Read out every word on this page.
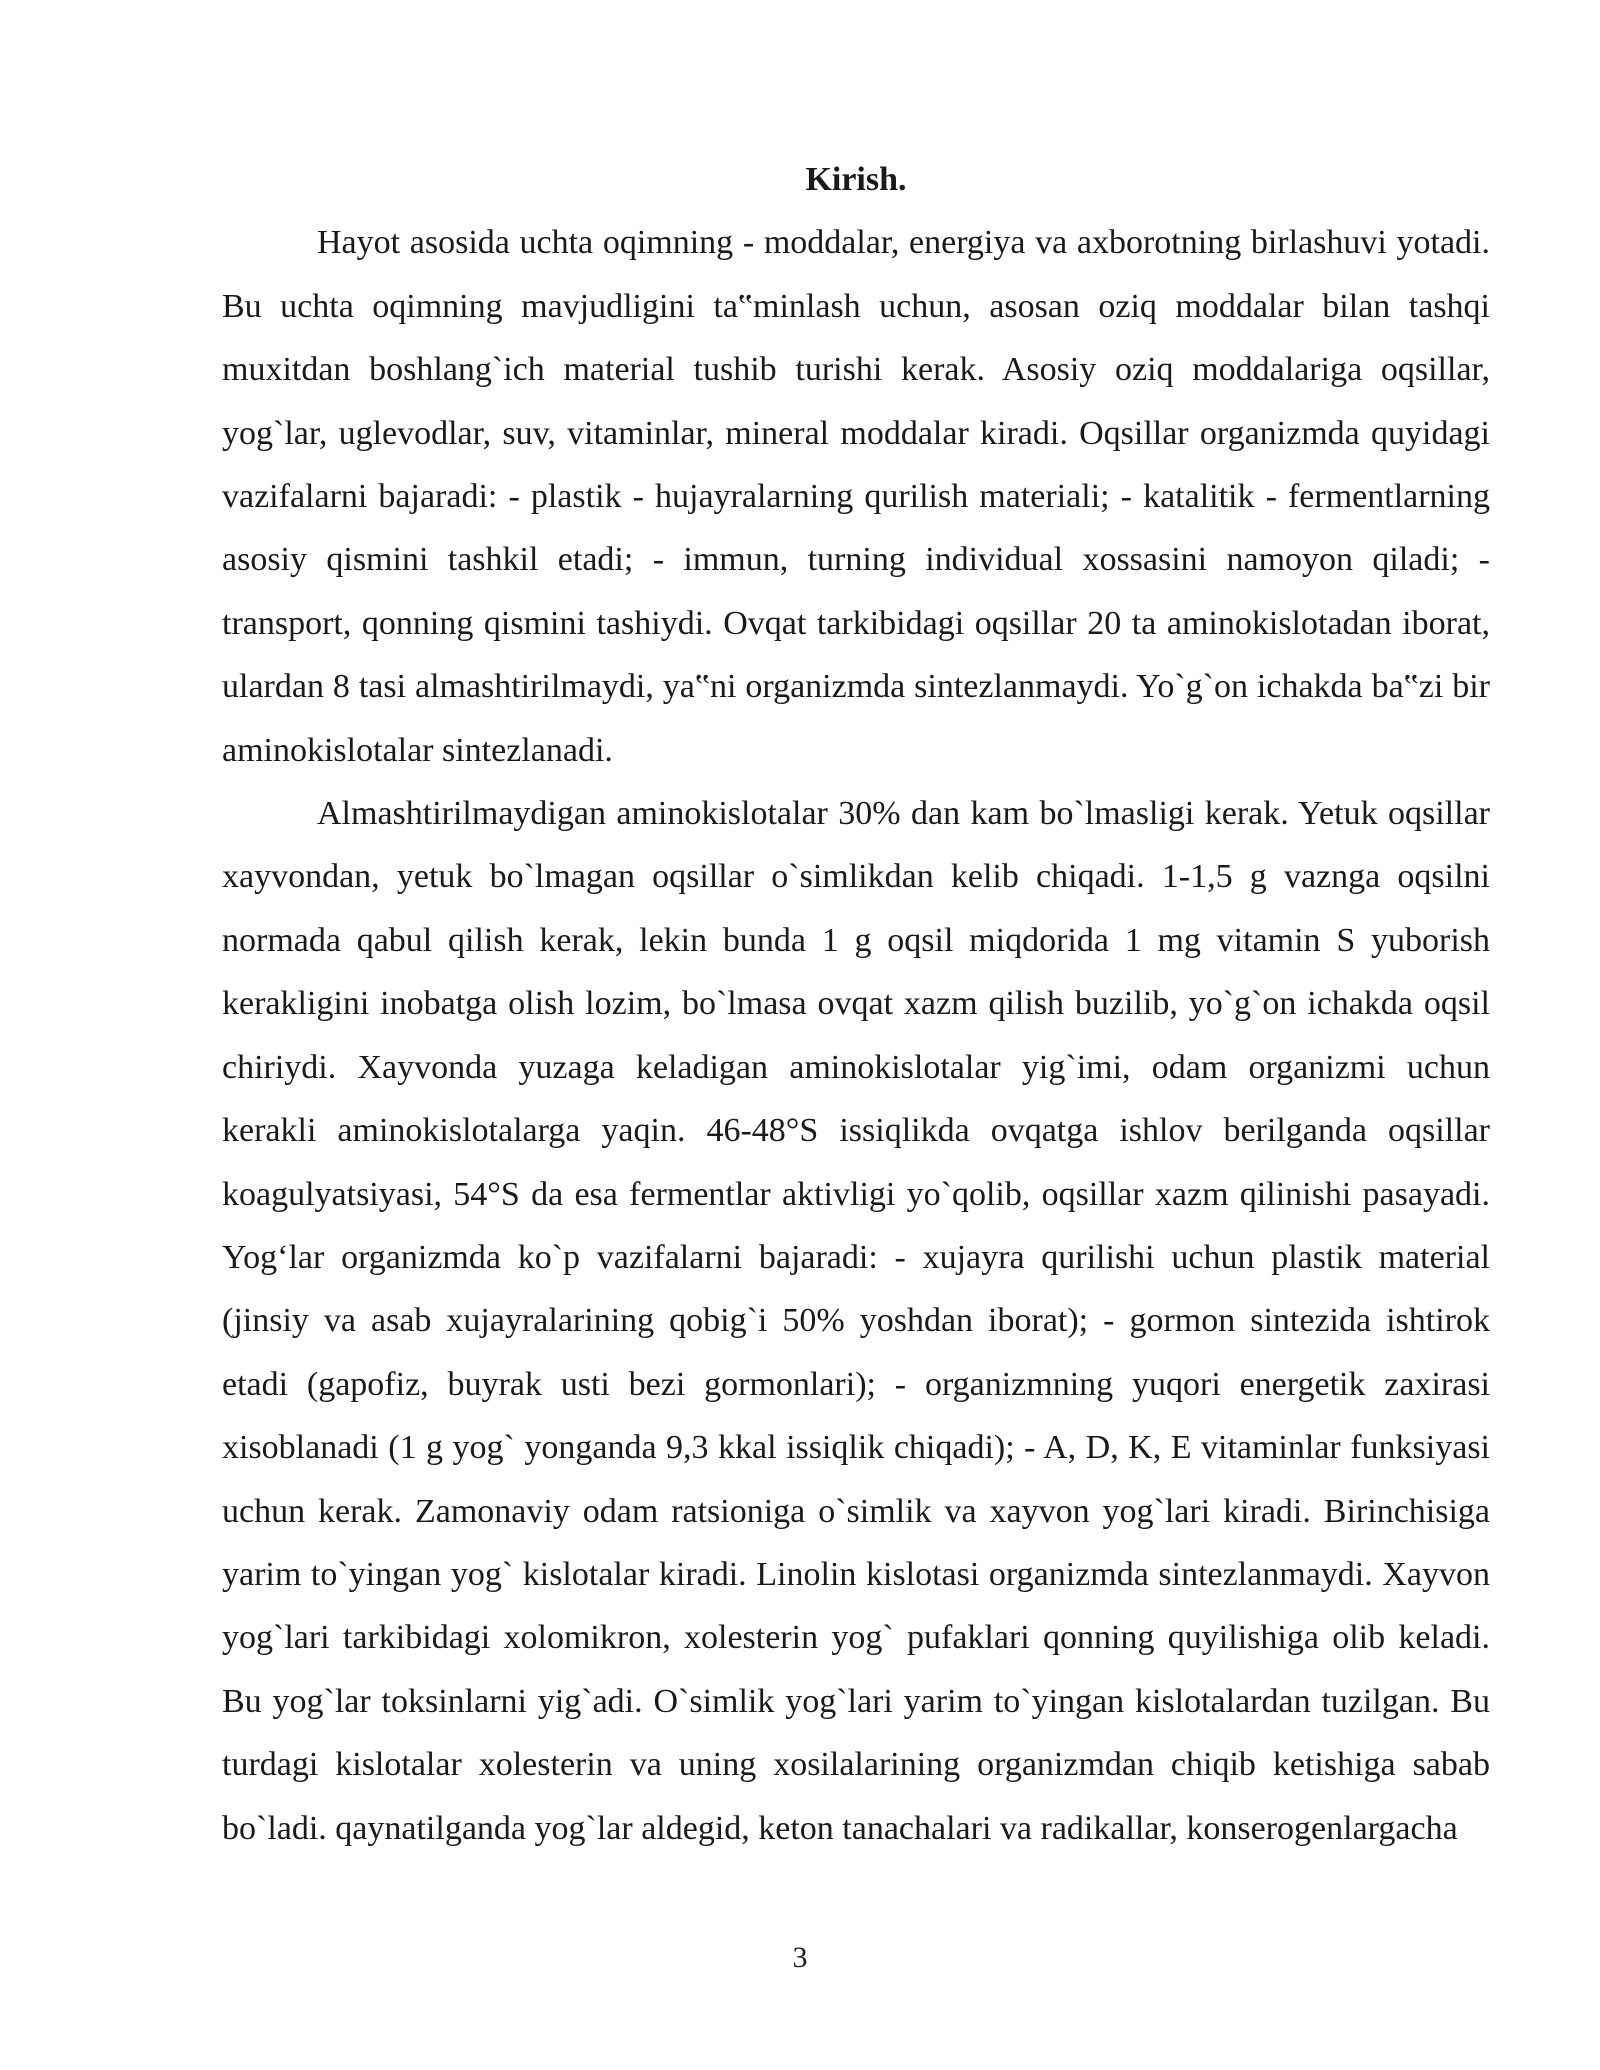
Kirish.

Hayot asosida uchta oqimning - moddalar, energiya va axborotning birlashuvi yotadi. Bu uchta oqimning mavjudligini ta‟minlash uchun, asosan oziq moddalar bilan tashqi muxitdan boshlang`ich material tushib turishi kerak. Asosiy oziq moddalariga oqsillar, yog`lar, uglevodlar, suv, vitaminlar, mineral moddalar kiradi. Oqsillar organizmda quyidagi vazifalarni bajaradi: - plastik - hujayralarning qurilish materiali; - katalitik - fermentlarning asosiy qismini tashkil etadi; - immun, turning individual xossasini namoyon qiladi; - transport, qonning qismini tashiydi. Ovqat tarkibidagi oqsillar 20 ta aminokislotadan iborat, ulardan 8 tasi almashtirilmaydi, ya‟ni organizmda sintezlanmaydi. Yo`g`on ichakda ba‟zi bir aminokislotalar sintezlanadi.

Almashtirilmaydigan aminokislotalar 30% dan kam bo`lmasligi kerak. Yetuk oqsillar xayvondan, yetuk bo`lmagan oqsillar o`simlikdan kelib chiqadi. 1-1,5 g vaznga oqsilni normada qabul qilish kerak, lekin bunda 1 g oqsil miqdorida 1 mg vitamin S yuborish kerakligini inobatga olish lozim, bo`lmasa ovqat xazm qilish buzilib, yo`g`on ichakda oqsil chiriydi. Xayvonda yuzaga keladigan aminokislotalar yig`imi, odam organizmi uchun kerakli aminokislotalarga yaqin. 46-48°S issiqlikda ovqatga ishlov berilganda oqsillar koagulyatsiyasi, 54°S da esa fermentlar aktivligi yo`qolib, oqsillar xazm qilinishi pasayadi. Yog‘lar organizmda ko`p vazifalarni bajaradi: - xujayra qurilishi uchun plastik material (jinsiy va asab xujayralarining qobig`i 50% yoshdan iborat); - gormon sintezida ishtirok etadi (gapofiz, buyrak usti bezi gormonlari); - organizmning yuqori energetik zaxirasi xisoblanadi (1 g yog` yonganda 9,3 kkal issiqlik chiqadi); - A, D, K, E vitaminlar funksiyasi uchun kerak. Zamonaviy odam ratsioniga o`simlik va xayvon yog`lari kiradi. Birinchisiga yarim to`yingan yog` kislotalar kiradi. Linolin kislotasi organizmda sintezlanmaydi. Xayvon yog`lari tarkibidagi xolomikron, xolesterin yog` pufaklari qonning quyilishiga olib keladi. Bu yog`lar toksinlarni yig`adi. O`simlik yog`lari yarim to`yingan kislotalardan tuzilgan. Bu turdagi kislotalar xolesterin va uning xosilalarining organizmdan chiqib ketishiga sabab bo`ladi. qaynatilganda yog`lar aldegid, keton tanachalari va radikallar, konserogenlargacha

3
